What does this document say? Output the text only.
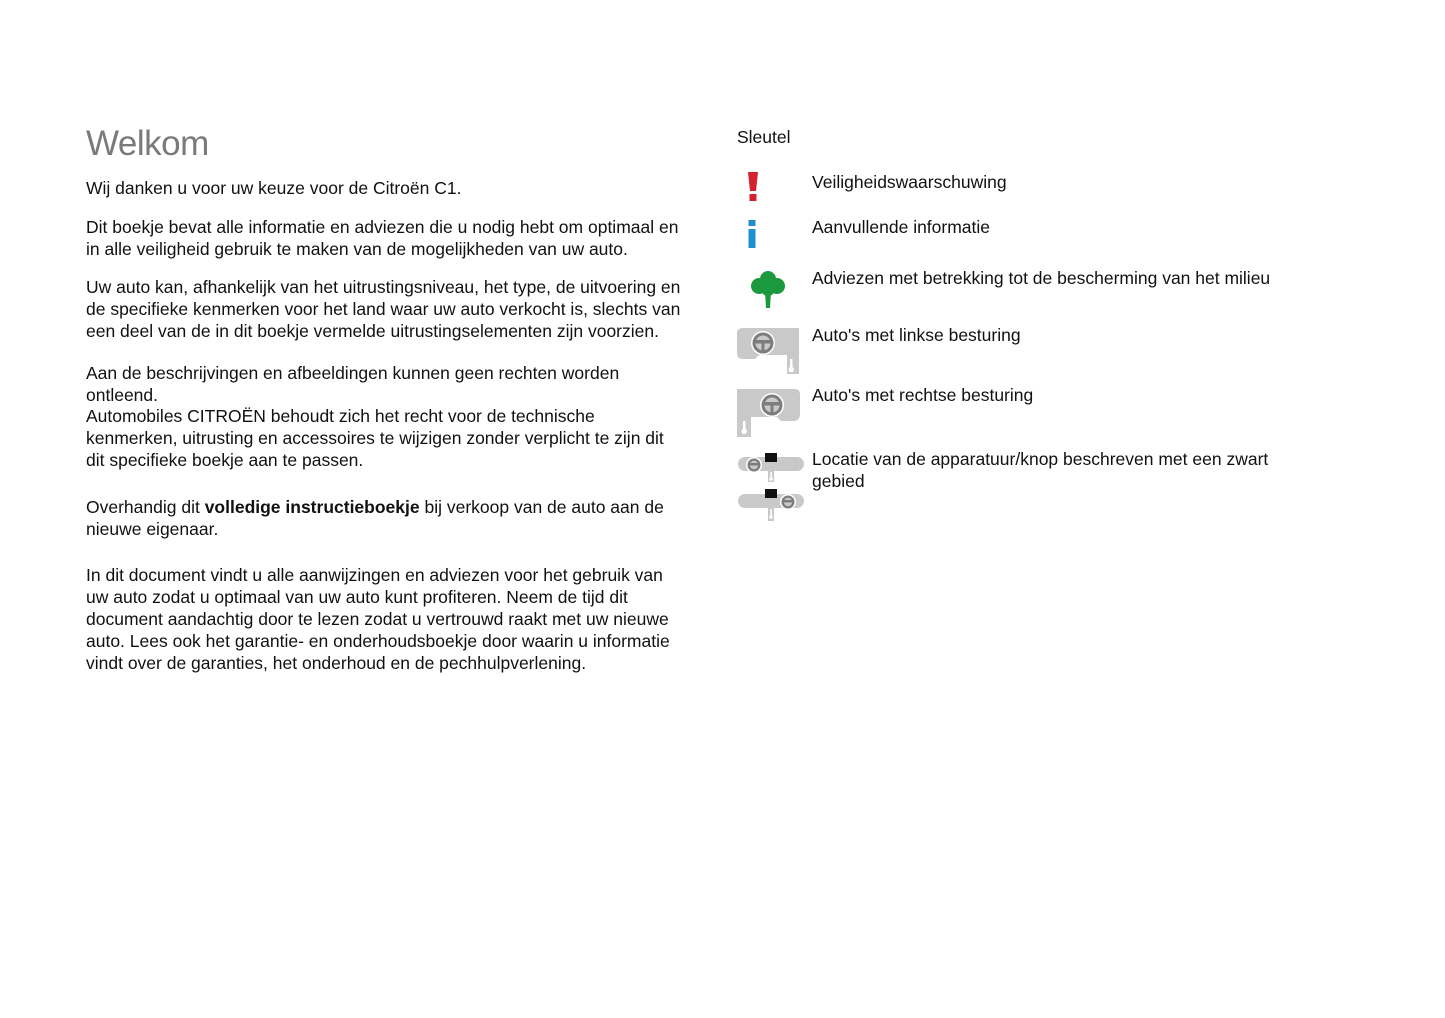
Welkom

Wij danken u voor uw keuze voor de Citroën C1.

Dit boekje bevat alle informatie en adviezen die u nodig hebt om optimaal en in alle veiligheid gebruik te maken van de mogelijkheden van uw auto.

Uw auto kan, afhankelijk van het uitrustingsniveau, het type, de uitvoering en de specifieke kenmerken voor het land waar uw auto verkocht is, slechts van een deel van de in dit boekje vermelde uitrustingselementen zijn voorzien.

Aan de beschrijvingen en afbeeldingen kunnen geen rechten worden ontleend.
Automobiles CITROËN behoudt zich het recht voor de technische kenmerken, uitrusting en accessoires te wijzigen zonder verplicht te zijn dit dit specifieke boekje aan te passen.

Overhandig dit volledige instructieboekje bij verkoop van de auto aan de nieuwe eigenaar.

In dit document vindt u alle aanwijzingen en adviezen voor het gebruik van uw auto zodat u optimaal van uw auto kunt profiteren. Neem de tijd dit document aandachtig door te lezen zodat u vertrouwd raakt met uw nieuwe auto. Lees ook het garantie- en onderhoudsboekje door waarin u informatie vindt over de garanties, het onderhoud en de pechhulpverlening.

Sleutel

Veiligheidswaarschuwing
Aanvullende informatie
Adviezen met betrekking tot de bescherming van het milieu
Auto's met linkse besturing
Auto's met rechtse besturing
Locatie van de apparatuur/knop beschreven met een zwart gebied
